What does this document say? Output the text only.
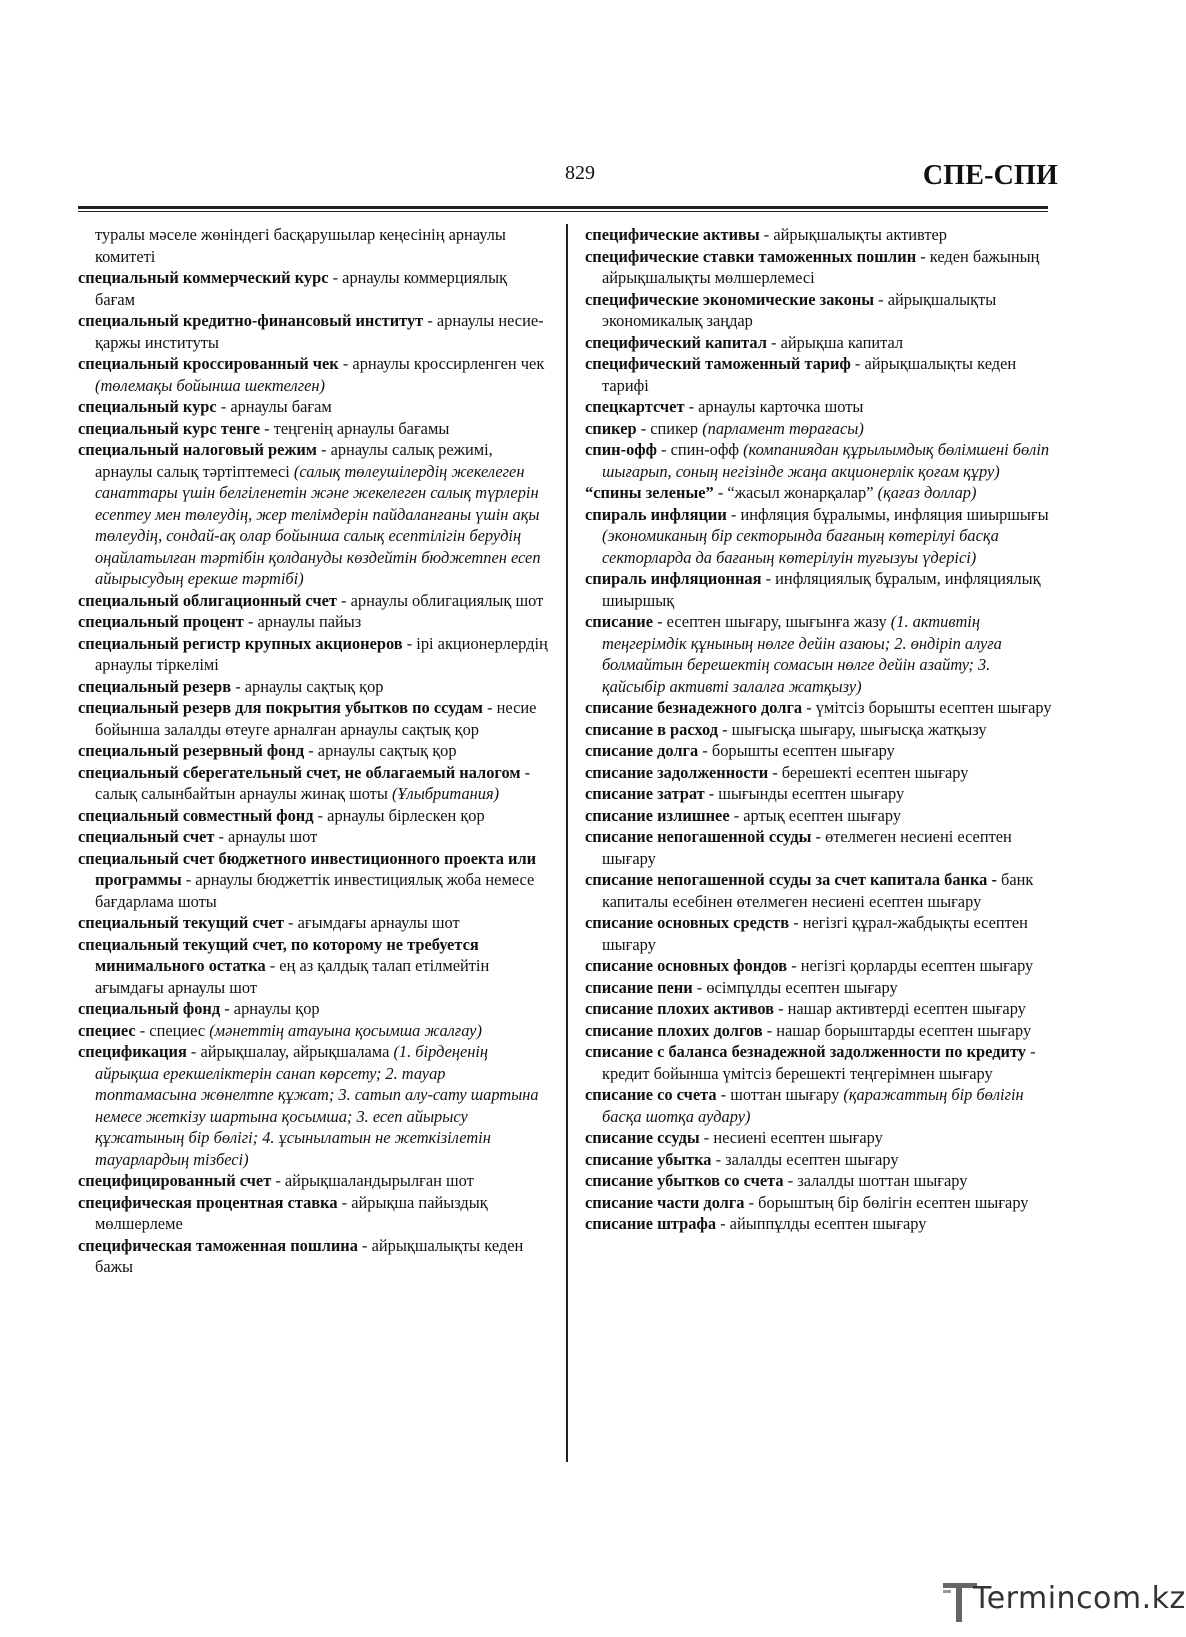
829	СПЕ-СПИ

туралы мәселе жөніндегі басқарушылар кеңесінің арнаулы комитеті

специальный коммерческий курс - арнаулы коммерциялық бағам

специальный кредитно-финансовый институт - арнаулы несие-қаржы институты

специальный кроссированный чек - арнаулы кроссирленген чек (төлемақы бойынша шектелген)

специальный курс - арнаулы бағам

специальный курс тенге - теңгенің арнаулы бағамы

специальный налоговый режим - арнаулы салық режимі, арнаулы салық тәртіптемесі (салық төлеушілердің жекелеген санаттары үшін белгіленетін және жекелеген салық түрлерін есептеу мен төлеудің, жер телімдерін пайдаланғаны үшін ақы төлеудің, сондай-ақ олар бойынша салық есептілігін берудің оңайлатылған тәртібін қолдануды көздейтін бюджетпен есеп айырысудың ерекше тәртібі)

специальный облигационный счет - арнаулы облигациялық шот

специальный процент - арнаулы пайыз

специальный регистр крупных акционеров - ірі акционерлердің арнаулы тіркелімі

специальный резерв - арнаулы сақтық қор

специальный резерв для покрытия убытков по ссудам - несие бойынша залалды өтеуге арналған арнаулы сақтық қор

специальный резервный фонд - арнаулы сақтық қор

специальный сберегательный счет, не облагаемый налогом - салық салынбайтын арнаулы жинақ шоты (Ұлыбритания)

специальный совместный фонд - арнаулы бірлескен қор

специальный счет - арнаулы шот

специальный счет бюджетного инвестиционного проекта или программы - арнаулы бюджеттік инвестициялық жоба немесе бағдарлама шоты

специальный текущий счет - ағымдағы арнаулы шот

специальный текущий счет, по которому не требуется минимального остатка - ең аз қалдық талап етілмейтін ағымдағы арнаулы шот

специальный фонд - арнаулы қор

специес - специес (мәнеттің атауына қосымша жалғау)

спецификация - айрықшалау, айрықшалама (1. бірдеңенің айрықша ерекшеліктерін санап көрсету; 2. тауар топтамасына жөнелтпе құжат; 3. сатып алу-сату шартына немесе жеткізу шартына қосымша; 3. есеп айырысу құжатының бір бөлігі; 4. ұсынылатын не жеткізілетін тауарлардың тізбесі)

специфицированный счет - айрықшаландырылған шот

специфическая процентная ставка - айрықша пайыздық мөлшерлеме

специфическая таможенная пошлина - айрықшалықты кеден бажы

специфические активы - айрықшалықты активтер

специфические ставки таможенных пошлин - кеден бажының айрықшалықты мөлшерлемесі

специфические экономические законы - айрықшалықты экономикалық заңдар

специфический капитал - айрықша капитал

специфический таможенный тариф - айрықшалықты кеден тарифі

спецкартсчет - арнаулы карточка шоты

спикер - спикер (парламент төрағасы)

спин-офф - спин-офф (компаниядан құрылымдық бөлімшені бөліп шығарып, соның негізінде жаңа акционерлік қоғам құру)

“спины зеленые” - “жасыл жонарқалар” (қағаз доллар)

спираль инфляции - инфляция бұралымы, инфляция шиыршығы (экономиканың бір секторында бағаның көтерілуі басқа секторларда да бағаның көтерілуін туғызуы үдерісі)

спираль инфляционная - инфляциялық бұралым, инфляциялық шиыршық

списание - есептен шығару, шығынға жазу (1. активтің теңгерімдік құнының нөлге дейін азаюы; 2. өндіріп алуға болмайтын берешектің сомасын нөлге дейін азайту; 3. қайсыбір активті залалға жатқызу)

списание безнадежного долга - үмітсіз борышты есептен шығару

списание в расход - шығысқа шығару, шығысқа жатқызу

списание долга - борышты есептен шығару

списание задолженности - берешекті есептен шығару

списание затрат - шығынды есептен шығару

списание излишнее - артық есептен шығару

списание непогашенной ссуды - өтелмеген несиені есептен шығару

списание непогашенной ссуды за счет капитала банка - банк капиталы есебінен өтелмеген несиені есептен шығару

списание основных средств - негізгі құрал-жабдықты есептен шығару

списание основных фондов - негізгі қорларды есептен шығару

списание пени - өсімпұлды есептен шығару

списание плохих активов - нашар активтерді есептен шығару

списание плохих долгов - нашар борыштарды есептен шығару

списание с баланса безнадежной задолженности по кредиту - кредит бойынша үмітсіз берешекті теңгерімнен шығару

списание со счета - шоттан шығару (қаражаттың бір бөлігін басқа шотқа аудару)

списание ссуды - несиені есептен шығару

списание убытка - залалды есептен шығару

списание убытков со счета - залалды шоттан шығару

списание части долга - борыштың бір бөлігін есептен шығару

списание штрафа - айыппұлды есептен шығару

Termincom.kz
